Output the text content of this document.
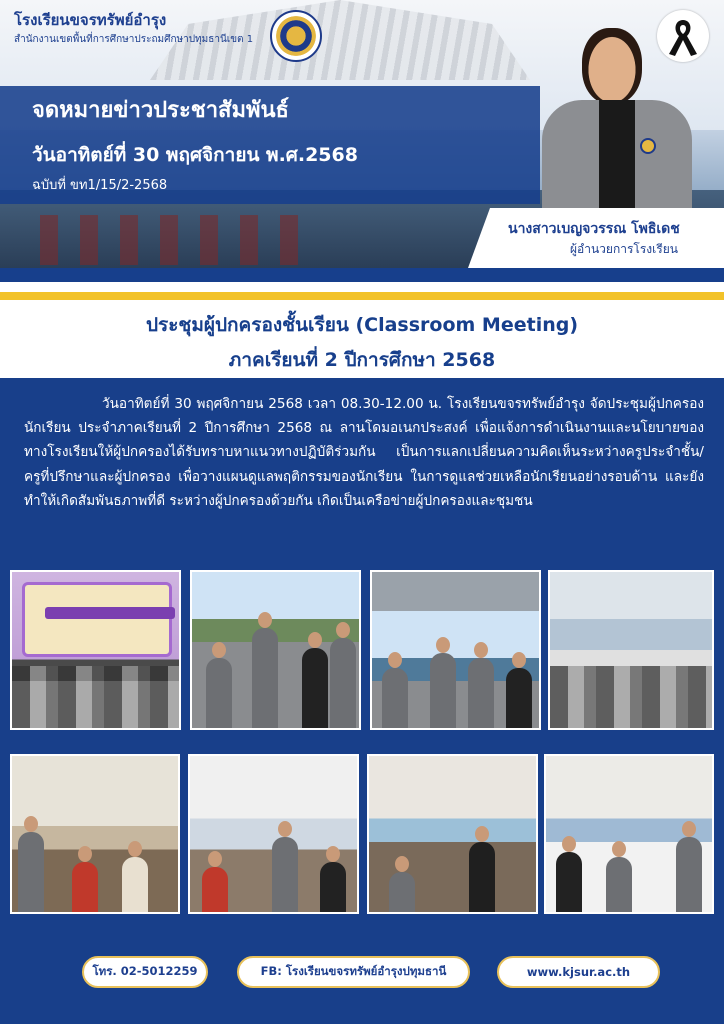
โรงเรียนขจรทรัพย์อำรุง
สำนักงานเขตพื้นที่การศึกษาประถมศึกษาปทุมธานีเขต 1
จดหมายข่าวประชาสัมพันธ์
วันอาทิตย์ที่ 30 พฤศจิกายน พ.ศ.2568
ฉบับที่ ขท1/15/2-2568
นางสาวเบญจวรรณ โพธิเดช
ผู้อำนวยการโรงเรียน
ประชุมผู้ปกครองชั้นเรียน (Classroom Meeting)
ภาคเรียนที่ 2 ปีการศึกษา 2568

วันอาทิตย์ที่ 30 พฤศจิกายน 2568 เวลา 08.30-12.00 น. โรงเรียนขจรทรัพย์อำรุง จัดประชุมผู้ปกครองนักเรียน ประจำภาคเรียนที่ 2 ปีการศึกษา 2568 ณ ลานโดมอเนกประสงค์ เพื่อแจ้งการดำเนินงานและนโยบายของทางโรงเรียนให้ผู้ปกครองได้รับทราบหาแนวทางปฏิบัติร่วมกัน เป็นการแลกเปลี่ยนความคิดเห็นระหว่างครูประจำชั้น/ครูที่ปรึกษาและผู้ปกครอง เพื่อวางแผนดูแลพฤติกรรมของนักเรียน ในการดูแลช่วยเหลือนักเรียนอย่างรอบด้าน และยังทำให้เกิดสัมพันธภาพที่ดี ระหว่างผู้ปกครองด้วยกัน เกิดเป็นเครือข่ายผู้ปกครองและชุมชน

โทร. 02-5012259	FB: โรงเรียนขจรทรัพย์อำรุงปทุมธานี	www.kjsur.ac.th
